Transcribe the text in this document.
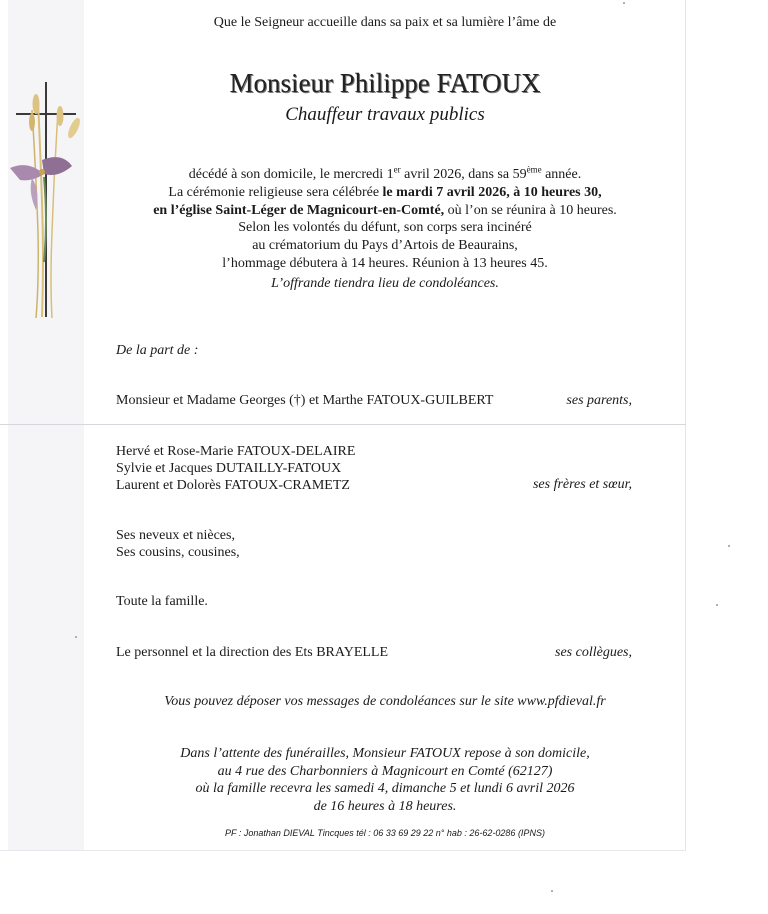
Que le Seigneur accueille dans sa paix et sa lumière l’âme de
Monsieur Philippe FATOUX
Chauffeur travaux publics
décédé à son domicile, le mercredi 1er avril 2026, dans sa 59ème année.
La cérémonie religieuse sera célébrée le mardi 7 avril 2026, à 10 heures 30,
en l’église Saint-Léger de Magnicourt-en-Comté, où l’on se réunira à 10 heures.
Selon les volontés du défunt, son corps sera incinéré
au crématorium du Pays d’Artois de Beaurains,
l’hommage débutera à 14 heures. Réunion à 13 heures 45.
L’offrande tiendra lieu de condoléances.
De la part de :
Monsieur et Madame Georges (†) et Marthe FATOUX-GUILBERT	ses parents,
Hervé et Rose-Marie FATOUX-DELAIRE
Sylvie et Jacques DUTAILLY-FATOUX
Laurent et Dolorès FATOUX-CRAMETZ	ses frères et sœur,
Ses neveux et nièces,
Ses cousins, cousines,
Toute la famille.
Le personnel et la direction des Ets BRAYELLE	ses collègues,
Vous pouvez déposer vos messages de condoléances sur le site www.pfdieval.fr
Dans l’attente des funérailles, Monsieur FATOUX repose à son domicile,
au 4 rue des Charbonniers à Magnicourt en Comté (62127)
où la famille recevra les samedi 4, dimanche 5 et lundi 6 avril 2026
de 16 heures à 18 heures.
PF : Jonathan DIEVAL Tincques tél : 06 33 69 29 22 n° hab : 26-62-0286 (IPNS)
